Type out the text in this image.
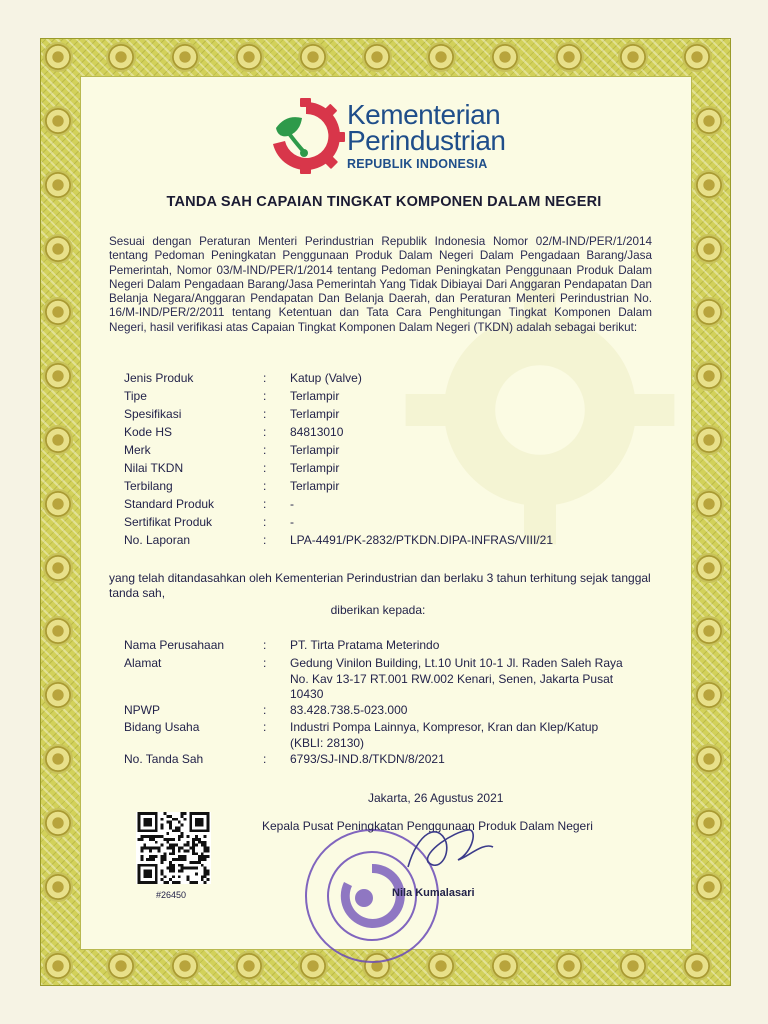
Kementerian
Perindustrian
REPUBLIK INDONESIA
TANDA SAH CAPAIAN TINGKAT KOMPONEN DALAM NEGERI
Sesuai dengan Peraturan Menteri Perindustrian Republik Indonesia Nomor 02/M-IND/PER/1/2014 tentang Pedoman Peningkatan Penggunaan Produk Dalam Negeri Dalam Pengadaan Barang/Jasa Pemerintah, Nomor 03/M-IND/PER/1/2014 tentang Pedoman Peningkatan Penggunaan Produk Dalam Negeri Dalam Pengadaan Barang/Jasa Pemerintah Yang Tidak Dibiayai Dari Anggaran Pendapatan Dan Belanja Negara/Anggaran Pendapatan Dan Belanja Daerah, dan Peraturan Menteri Perindustrian No. 16/M-IND/PER/2/2011 tentang Ketentuan dan Tata Cara Penghitungan Tingkat Komponen Dalam Negeri, hasil verifikasi atas Capaian Tingkat Komponen Dalam Negeri (TKDN) adalah sebagai berikut:
Jenis Produk	: Katup (Valve)
Tipe	: Terlampir
Spesifikasi	: Terlampir
Kode HS	: 84813010
Merk	: Terlampir
Nilai TKDN	: Terlampir
Terbilang	: Terlampir
Standard Produk	: -
Sertifikat Produk	: -
No. Laporan	: LPA-4491/PK-2832/PTKDN.DIPA-INFRAS/VIII/21
yang telah ditandasahkan oleh Kementerian Perindustrian dan berlaku 3 tahun terhitung sejak tanggal tanda sah,
diberikan kepada:
Nama Perusahaan	: PT. Tirta Pratama Meterindo
Alamat	: Gedung Vinilon Building, Lt.10 Unit 10-1 Jl. Raden Saleh Raya No. Kav 13-17 RT.001 RW.002 Kenari, Senen, Jakarta Pusat 10430
NPWP	: 83.428.738.5-023.000
Bidang Usaha	: Industri Pompa Lainnya, Kompresor, Kran dan Klep/Katup (KBLI: 28130)
No. Tanda Sah	: 6793/SJ-IND.8/TKDN/8/2021
#26450
Jakarta, 26 Agustus 2021
Kepala Pusat Peningkatan Penggunaan Produk Dalam Negeri
Nila Kumalasari
